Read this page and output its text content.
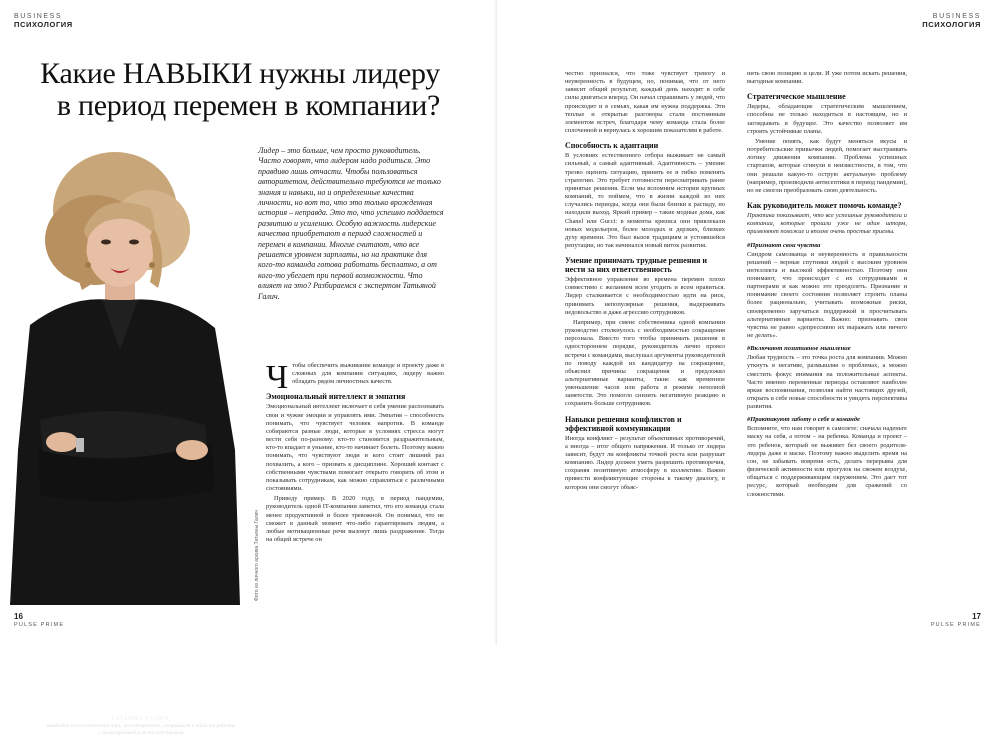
BUSINESS
ПСИХОЛОГИЯ
Какие НАВЫКИ нужны лидеру в период перемен в компании?
ТАТЬЯНА ГАЛИЧ,
кандидат психологических наук, психотерапевт, специалист в области работы с психотравмой и ее последствиями
Фото из личного архива Татьяны Галич
Лидер – это больше, чем просто руководитель. Часто говорят, что лидером надо родиться. Это правдиво лишь отчасти. Чтобы пользоваться авторитетом, действительно требуются не только знания и навыки, но и определенные качества личности, но вот то, что это только врожденная история – неправда. Это то, что успешно поддается развитию и усилению. Особую важность лидерские качества приобретают в период сложностей и перемен в компании. Многие считают, что все решается уровнем зарплаты, но на практике для кого-то команда готова работать бесплатно, а от кого-то убегает при первой возможности. Что влияет на это? Разбираемся с экспертом Татьяной Галич.

Чтобы обеспечить выживание команде и проекту даже в сложных для компании ситуациях, лидеру важно обладать рядом личностных качеств.

Эмоциональный интеллект и эмпатия

Эмоциональный интеллект включает в себя умение распознавать свои и чужие эмоции и управлять ими. Эмпатия – способность понимать, что чувствует человек напротив. В команде собираются разные люди, которые в условиях стресса могут вести себя по-разному: кто-то становится раздражительным, кто-то впадает в уныние, кто-то начинает болеть. Поэтому важно понимать, что чувствуют люди и кого стоит лишний раз похвалить, а кого – призвать к дисциплине. Хороший контакт с собственными чувствами помогает открыто говорить об этом и показывать сотрудникам, как можно справляться с различными состояниями.

Приведу пример. В 2020 году, в период пандемии, руководитель одной IT-компании заметил, что его команда стала менее продуктивной и более тревожной. Он понимал, что не сможет в данный момент что-либо гарантировать людям, а любые мотивационные речи вызовут лишь раздражение. Тогда на общей встрече он

16
PULSE PRIME
BUSINESS
ПСИХОЛОГИЯ
17
PULSE PRIME

честно признался, что тоже чувствует тревогу и неуверенность в будущем, но, понимая, что от него зависит общий результат, каждый день находит в себе силы двигаться вперед. Он начал спрашивать у людей, что происходит и в семьях, какая им нужна поддержка. Эти теплые и открытые разговоры стали постоянным элементом встреч, благодаря чему команда стала более сплоченной и вернулась к хорошим показателям в работе.

Способность к адаптации

В условиях естественного отбора выживает не самый сильный, а самый адаптивный. Адаптивность – умение трезво оценить ситуацию, принять ее и гибко поменять стратегию. Это требует готовности пересматривать ранее принятые решения. Если мы вспомним истории крупных компаний, то поймем, что в жизни каждой из них случались периоды, когда они были близки к распаду, но находили выход. Яркий пример – такие модные дома, как Chanel или Gucci: в моменты кризиса они привлекали новых модельеров, более молодых и дерзких, близких духу времени. Это был вызов традициям и устоявшейся репутации, но так начинался новый виток развития.

Умение принимать трудные решения и нести за них ответственность

Эффективное управление во времена перемен плохо совместимо с желанием всем угодить и всем нравиться. Лидер сталкивается с необходимостью идти на риск, принимать непопулярные решения, выдерживать недовольство и даже агрессию сотрудников.

Например, при смене собственника одной компании руководство столкнулось с необходимостью сокращения персонала. Вместо того чтобы принимать решения в одностороннем порядке, руководитель лично провел встречи с командами, выслушал аргументы руководителей по поводу каждой их кандидатур на сокращение, объяснил причины сокращения и предложил альтернативные варианты, такие как временное уменьшение часов или работа в режиме неполной занятости. Это помогло снизить негативную реакцию и сохранить больше сотрудников.

Навыки решения конфликтов и эффективной коммуникации

Иногда конфликт – результат объективных противоречий, а иногда – итог общего напряжения. И только от лидера зависит, будут ли конфликты точкой роста или разрушат компанию. Лидер должен уметь разрешить противоречия, сохраняя позитивную атмосферу в коллективе. Важно привести конфликтующие стороны к такому диалогу, в котором они смогут объяс-

нить свою позицию и цели. И уже потом искать решения, выгодные компании.

Стратегическое мышление

Лидеры, обладающие стратегическим мышлением, способны не только находиться в настоящем, но и заглядывать в будущее. Это качество позволяет им строить устойчивые планы.

Умение понять, как будут меняться вкусы и потребительские привычки людей, помогает выстраивать логику движения компании. Проблема успешных стартапов, которые сгинули в неизвестности, в том, что они решали какую-то острую актуальную проблему (например, производили антисептики в период пандемии), но не смогли преобразовать свою деятельность.

Как руководитель может помочь команде?

Практика показывает, что все успешные руководители и компании, которые прошли уже не один шторм, применяют похожие и вполне очень простые приемы.

#Признают свои чувства

Синдром самозванца и неуверенность в правильности решений – верные спутники людей с высоким уровнем интеллекта и высокой эффективностью. Поэтому они понимают, что происходит с их сотрудниками и партнерами и как можно это преодолеть. Признание и понимание своего состояния позволяет строить планы более рационально, учитывать возможные риски, своевременно заручаться поддержкой и просчитывать альтернативные варианты. Важно: признавать свои чувства не равно «депрессивно их выражать или ничего не делать».

#Включают позитивное мышление

Любая трудность – это точка роста для компании. Можно уткнуть в негативе, размышляя о проблемах, а можно сместить фокус внимания на положительные аспекты. Часто именно переменные периоды оставляют наиболее яркие воспоминания, позволяя найти настоящих друзей, открыть в себе новые способности и увидеть перспективы развития.

#Практикуют заботу о себе и команде

Вспомните, что нам говорят в самолете: сначала наденьте маску на себя, а потом – на ребенка. Команда и проект – это ребенок, который не выживет без своего родителя-лидера даже в маске. Поэтому важно выделить время на сон, не забывать вовремя есть, делать перерывы для физической активности или прогулок на свежем воздухе, общаться с поддерживающим окружением. Это дает тот ресурс, который необходим для сражений со сложностями.
